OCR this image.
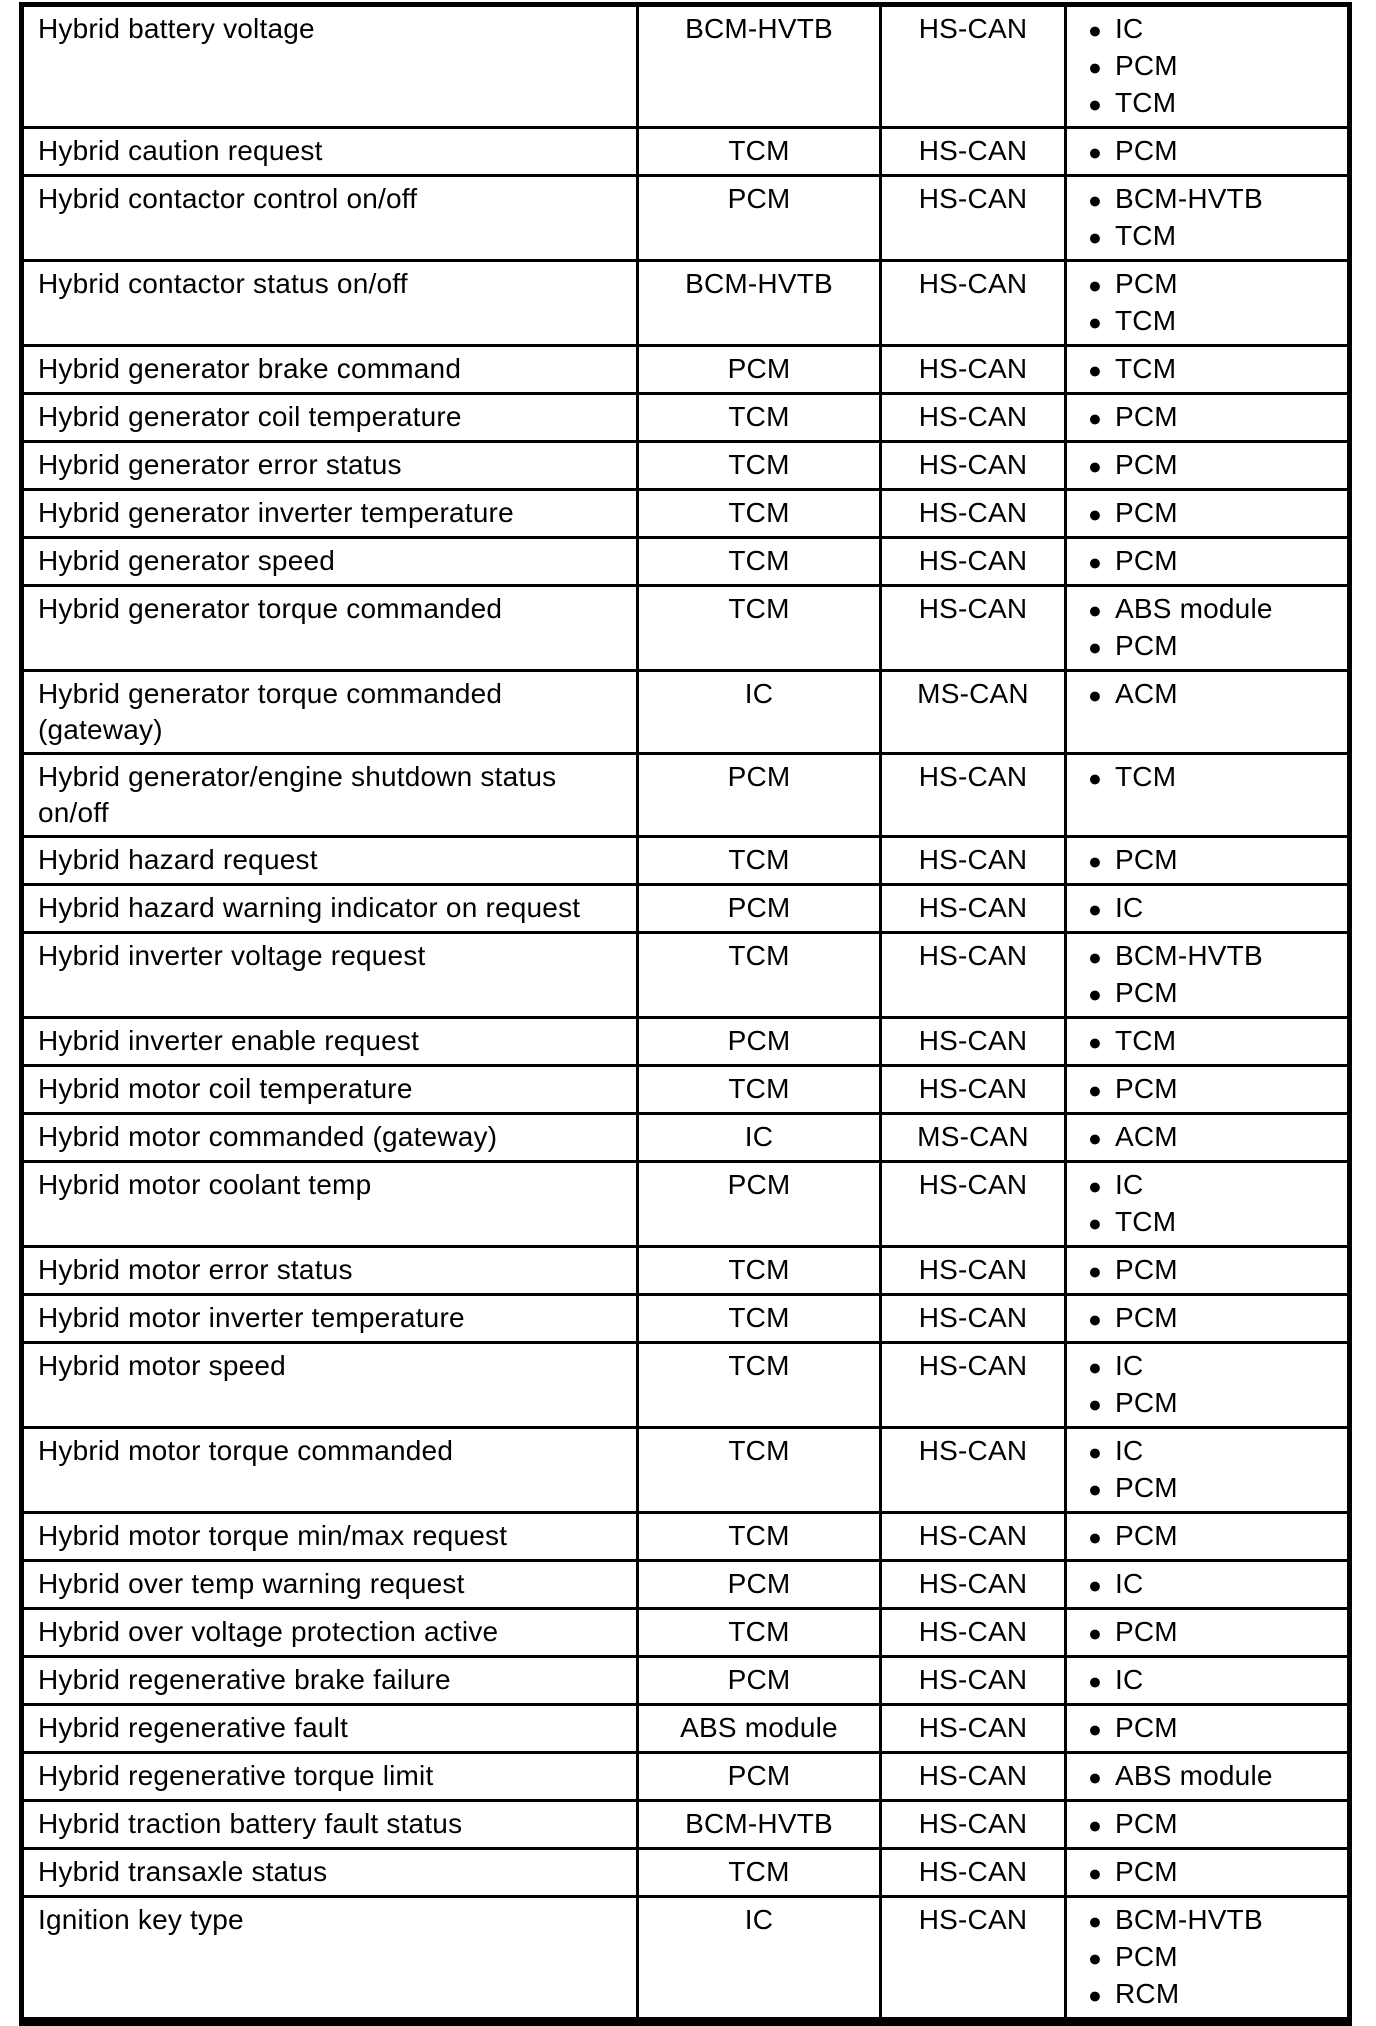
Hybrid battery voltage	BCM-HVTB	HS-CAN	● IC
● PCM
● TCM

Hybrid caution request	TCM	HS-CAN	● PCM

Hybrid contactor control on/off	PCM	HS-CAN	● BCM-HVTB
● TCM

Hybrid contactor status on/off	BCM-HVTB	HS-CAN	● PCM
● TCM

Hybrid generator brake command	PCM	HS-CAN	● TCM

Hybrid generator coil temperature	TCM	HS-CAN	● PCM

Hybrid generator error status	TCM	HS-CAN	● PCM

Hybrid generator inverter temperature	TCM	HS-CAN	● PCM

Hybrid generator speed	TCM	HS-CAN	● PCM

Hybrid generator torque commanded	TCM	HS-CAN	● ABS module
● PCM

Hybrid generator torque commanded (gateway)	IC	MS-CAN	● ACM

Hybrid generator/engine shutdown status on/off	PCM	HS-CAN	● TCM

Hybrid hazard request	TCM	HS-CAN	● PCM

Hybrid hazard warning indicator on request	PCM	HS-CAN	● IC

Hybrid inverter voltage request	TCM	HS-CAN	● BCM-HVTB
● PCM

Hybrid inverter enable request	PCM	HS-CAN	● TCM

Hybrid motor coil temperature	TCM	HS-CAN	● PCM

Hybrid motor commanded (gateway)	IC	MS-CAN	● ACM

Hybrid motor coolant temp	PCM	HS-CAN	● IC
● TCM

Hybrid motor error status	TCM	HS-CAN	● PCM

Hybrid motor inverter temperature	TCM	HS-CAN	● PCM

Hybrid motor speed	TCM	HS-CAN	● IC
● PCM

Hybrid motor torque commanded	TCM	HS-CAN	● IC
● PCM

Hybrid motor torque min/max request	TCM	HS-CAN	● PCM

Hybrid over temp warning request	PCM	HS-CAN	● IC

Hybrid over voltage protection active	TCM	HS-CAN	● PCM

Hybrid regenerative brake failure	PCM	HS-CAN	● IC

Hybrid regenerative fault	ABS module	HS-CAN	● PCM

Hybrid regenerative torque limit	PCM	HS-CAN	● ABS module

Hybrid traction battery fault status	BCM-HVTB	HS-CAN	● PCM

Hybrid transaxle status	TCM	HS-CAN	● PCM

Ignition key type	IC	HS-CAN	● BCM-HVTB
● PCM
● RCM
